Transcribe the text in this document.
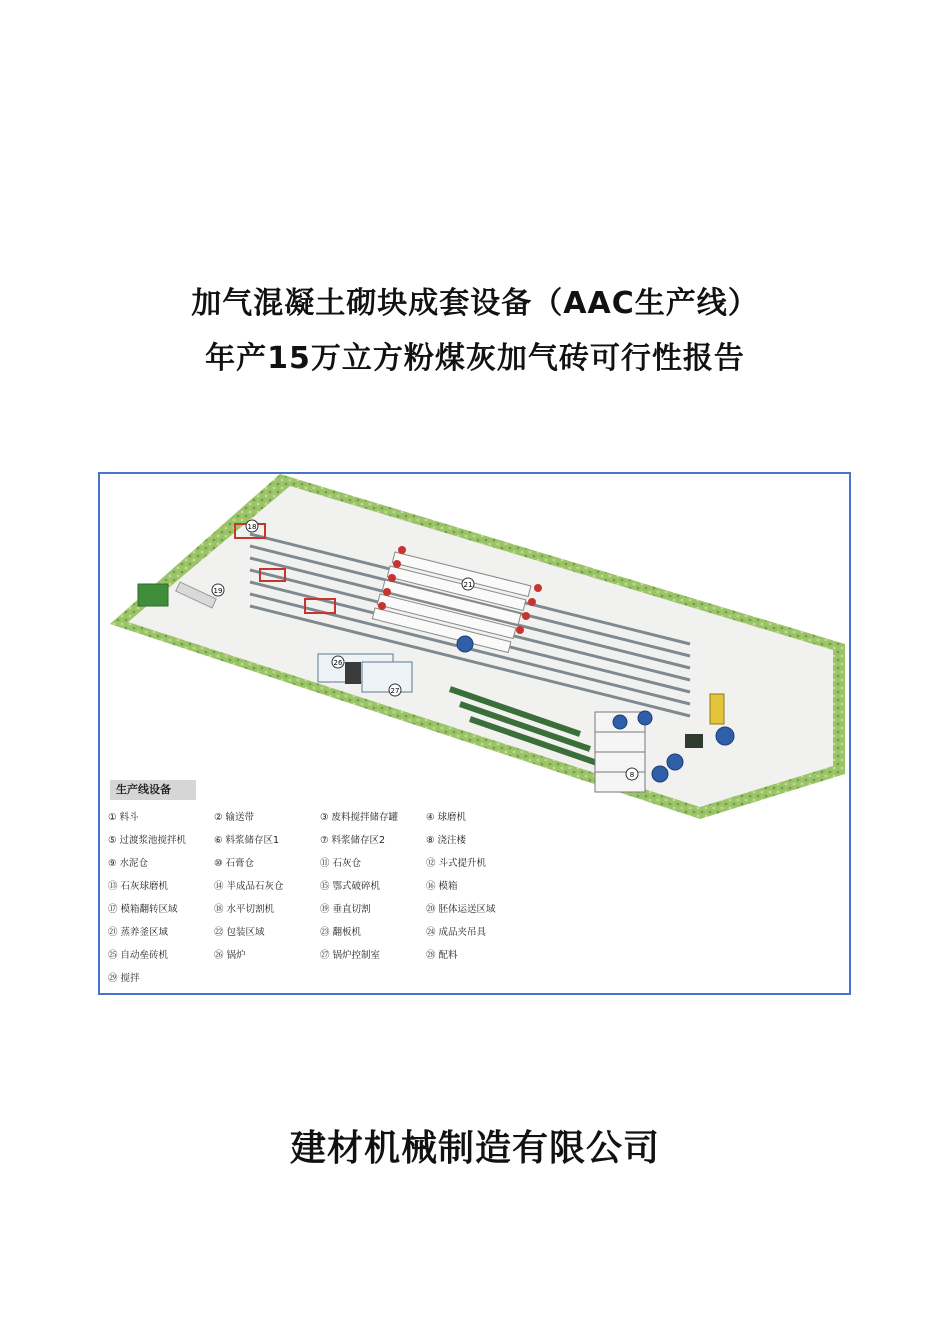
加气混凝土砌块成套设备（AAC生产线）
年产15万立方粉煤灰加气砖可行性报告
18
19
21
26
27
8
生产线设备
① 料斗	② 输送带	③ 废料搅拌储存罐	④ 球磨机
⑤ 过渡浆池搅拌机	⑥ 料浆储存区1	⑦ 料浆储存区2	⑧ 浇注楼
⑨ 水泥仓	⑩ 石膏仓	⑪ 石灰仓	⑫ 斗式提升机
⑬ 石灰球磨机	⑭ 半成品石灰仓	⑮ 鄂式破碎机	⑯ 模箱
⑰ 模箱翻转区域	⑱ 水平切割机	⑲ 垂直切割	⑳ 胚体运送区域
㉑ 蒸养釜区域	㉒ 包装区域	㉓ 翻板机	㉔ 成品夹吊具
㉕ 自动垒砖机	㉖ 锅炉	㉗ 锅炉控制室	㉘ 配料
㉙ 搅拌
建材机械制造有限公司
